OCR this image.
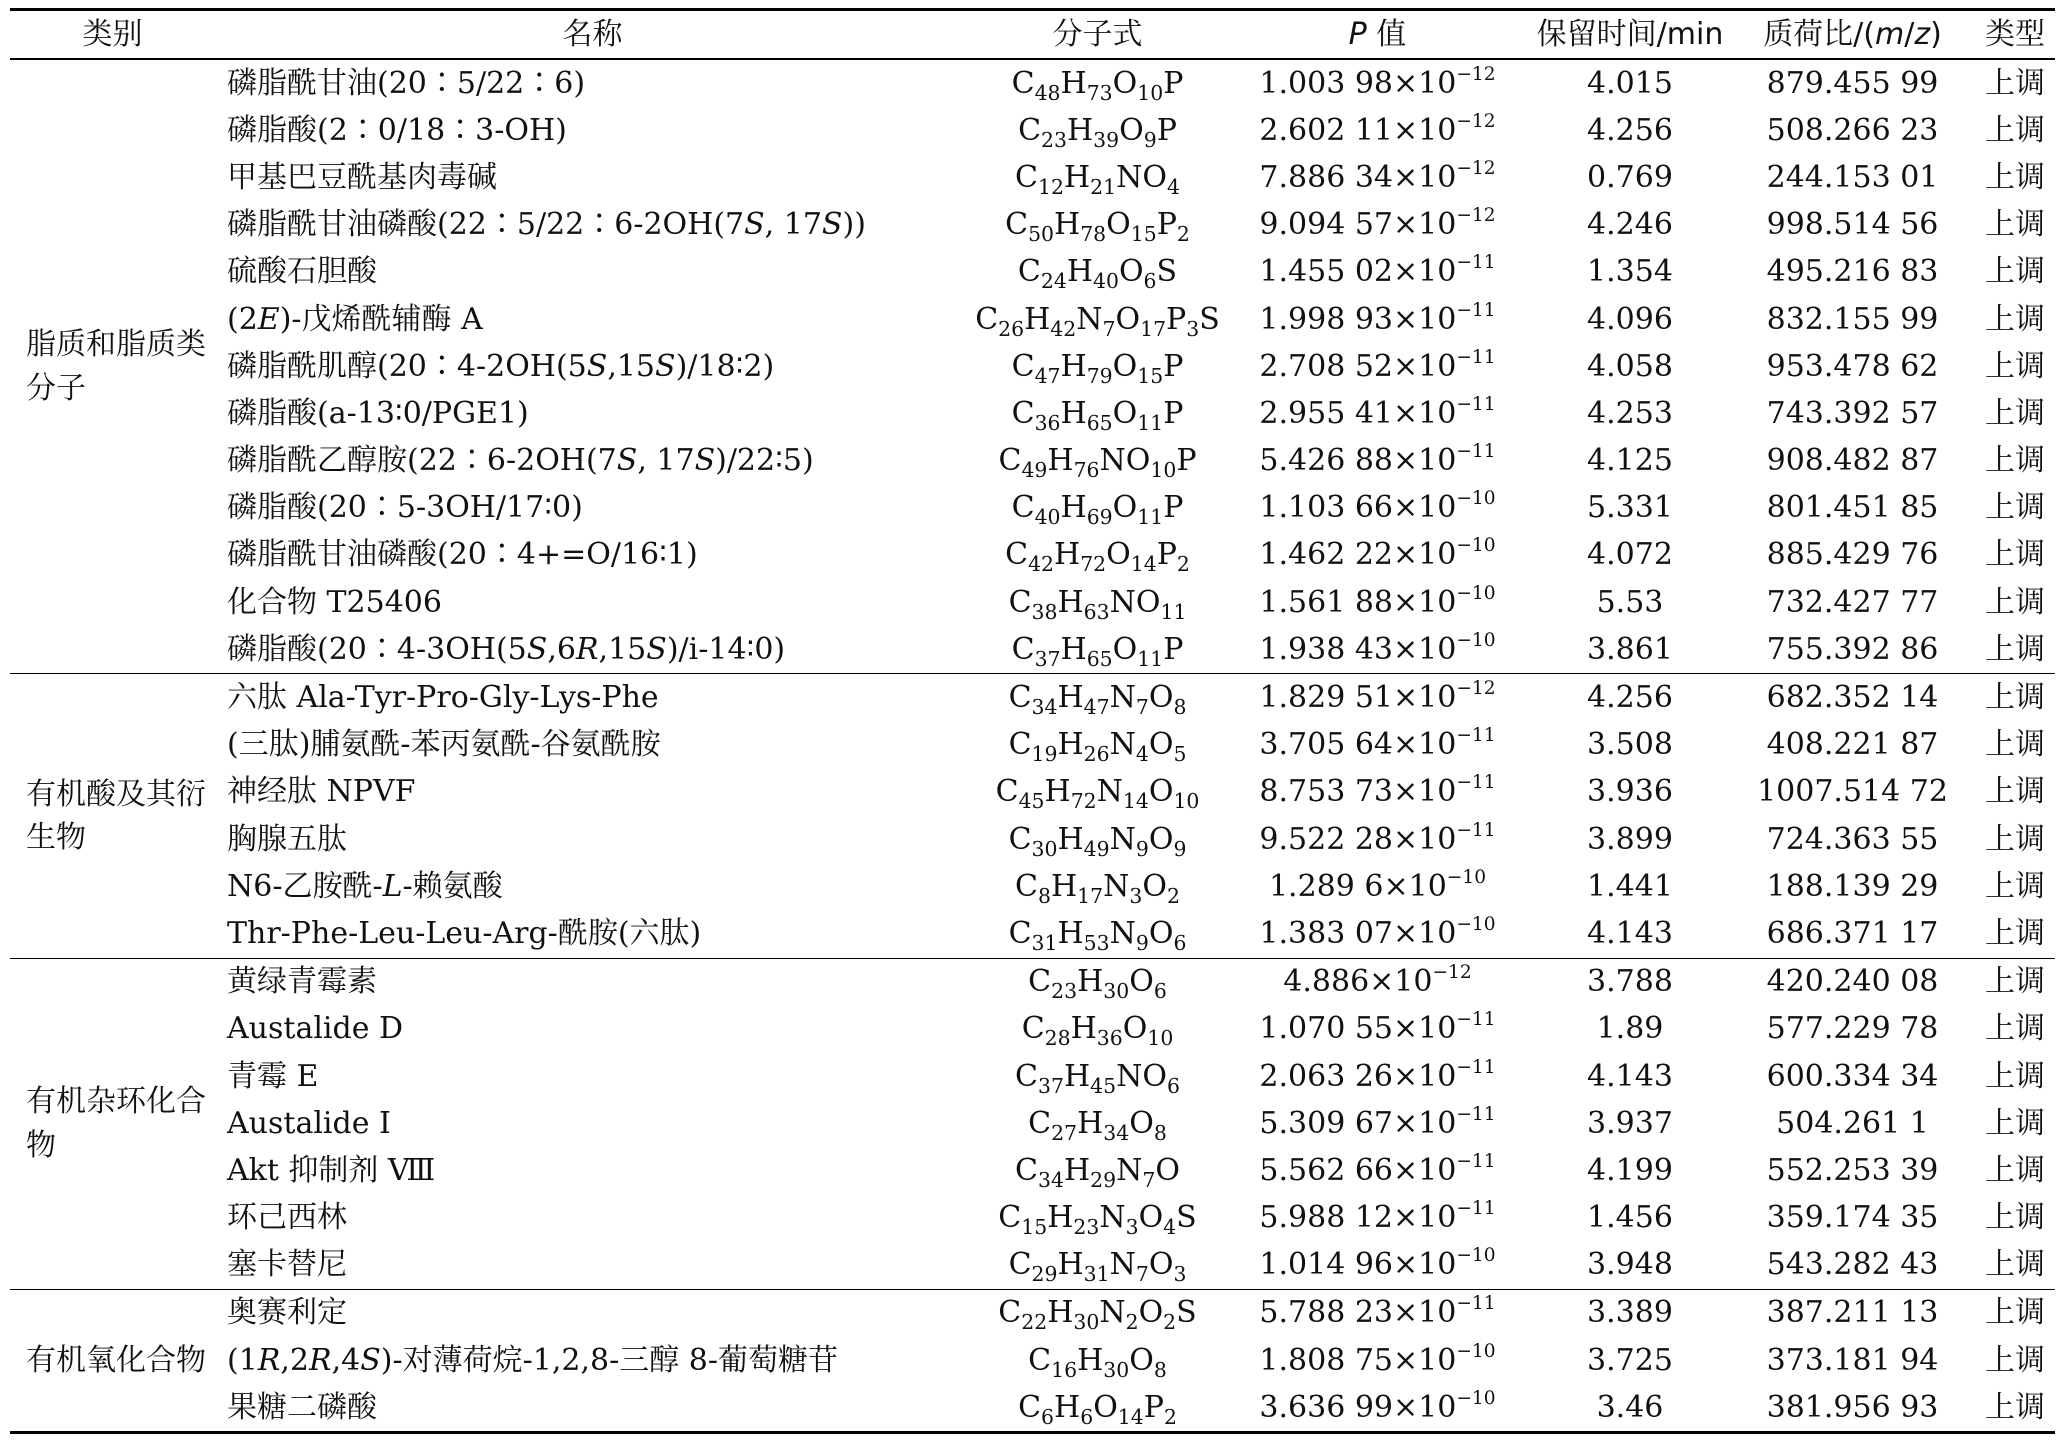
类别	名称	分子式	P 值	保留时间/min	质荷比/(m/z)	类型
脂质和脂质类分子	磷脂酰甘油(20∶5/22∶6)	$C_{48}H_{73}O_{10}P$	1.003 $98\times 10^{-12}$	4.015	879.455 99	上调
	磷脂酸(2∶0/18∶3-OH)	$C_{23}H_{39}O_9P$	2.602 $11\times 10^{-12}$	4.256	508.266 23	上调
	甲基巴豆酰基肉毒碱	$C_{12}H_{21}NO_4$	7.886 $34\times 10^{-12}$	0.769	244.153 01	上调
	磷脂酰甘油磷酸(22∶5/22∶6-2OH(7S, 17S))	$C_{50}H_{78}O_{15}P_2$	9.094 $57\times 10^{-12}$	4.246	998.514 56	上调
	硫酸石胆酸	$C_{24}H_{40}O_6S$	1.455 $02\times 10^{-11}$	1.354	495.216 83	上调
	(2E)-戊烯酰辅酶 A	$C_{26}H_{42}N_7O_{17}P_3S$	1.998 $93\times 10^{-11}$	4.096	832.155 99	上调
	磷脂酰肌醇(20∶4-2OH(5S,15S)/18∶2)	$C_{47}H_{79}O_{15}P$	2.708 $52\times 10^{-11}$	4.058	953.478 62	上调
	磷脂酸(a-13∶0/PGE1)	$C_{36}H_{65}O_{11}P$	2.955 $41\times 10^{-11}$	4.253	743.392 57	上调
	磷脂酰乙醇胺(22∶6-2OH(7S, 17S)/22∶5)	$C_{49}H_{76}NO_{10}P$	5.426 $88\times 10^{-11}$	4.125	908.482 87	上调
	磷脂酸(20∶5-3OH/17∶0)	$C_{40}H_{69}O_{11}P$	1.103 $66\times 10^{-10}$	5.331	801.451 85	上调
	磷脂酰甘油磷酸(20∶4+=O/16∶1)	$C_{42}H_{72}O_{14}P_2$	1.462 $22\times 10^{-10}$	4.072	885.429 76	上调
	化合物 T25406	$C_{38}H_{63}NO_{11}$	1.561 $88\times 10^{-10}$	5.53	732.427 77	上调
	磷脂酸(20∶4-3OH(5S,6R,15S)/i-14∶0)	$C_{37}H_{65}O_{11}P$	1.938 $43\times 10^{-10}$	3.861	755.392 86	上调
有机酸及其衍生物	六肽 Ala-Tyr-Pro-Gly-Lys-Phe	$C_{34}H_{47}N_7O_8$	1.829 $51\times 10^{-12}$	4.256	682.352 14	上调
	(三肽)脯氨酰-苯丙氨酰-谷氨酰胺	$C_{19}H_{26}N_4O_5$	3.705 $64\times 10^{-11}$	3.508	408.221 87	上调
	神经肽 NPVF	$C_{45}H_{72}N_{14}O_{10}$	8.753 $73\times 10^{-11}$	3.936	1007.514 72	上调
	胸腺五肽	$C_{30}H_{49}N_9O_9$	9.522 $28\times 10^{-11}$	3.899	724.363 55	上调
	N6-乙胺酰-L-赖氨酸	$C_8H_{17}N_3O_2$	1.289 $6\times 10^{-10}$	1.441	188.139 29	上调
	Thr-Phe-Leu-Leu-Arg-酰胺(六肽)	$C_{31}H_{53}N_9O_6$	1.383 $07\times 10^{-10}$	4.143	686.371 17	上调
有机杂环化合物	黄绿青霉素	$C_{23}H_{30}O_6$	$4.886\times 10^{-12}$	3.788	420.240 08	上调
	Austalide D	$C_{28}H_{36}O_{10}$	1.070 $55\times 10^{-11}$	1.89	577.229 78	上调
	青霉 E	$C_{37}H_{45}NO_6$	2.063 $26\times 10^{-11}$	4.143	600.334 34	上调
	Austalide I	$C_{27}H_{34}O_8$	5.309 $67\times 10^{-11}$	3.937	504.261 1	上调
	Akt 抑制剂 Ⅷ	$C_{34}H_{29}N_7O$	5.562 $66\times 10^{-11}$	4.199	552.253 39	上调
	环己西林	$C_{15}H_{23}N_3O_4S$	5.988 $12\times 10^{-11}$	1.456	359.174 35	上调
	塞卡替尼	$C_{29}H_{31}N_7O_3$	1.014 $96\times 10^{-10}$	3.948	543.282 43	上调
有机氧化合物	奥赛利定	$C_{22}H_{30}N_2O_2S$	5.788 $23\times 10^{-11}$	3.389	387.211 13	上调
	(1R,2R,4S)-对薄荷烷-1,2,8-三醇 8-葡萄糖苷	$C_{16}H_{30}O_8$	1.808 $75\times 10^{-10}$	3.725	373.181 94	上调
	果糖二磷酸	$C_6H_6O_{14}P_2$	3.636 $99\times 10^{-10}$	3.46	381.956 93	上调
